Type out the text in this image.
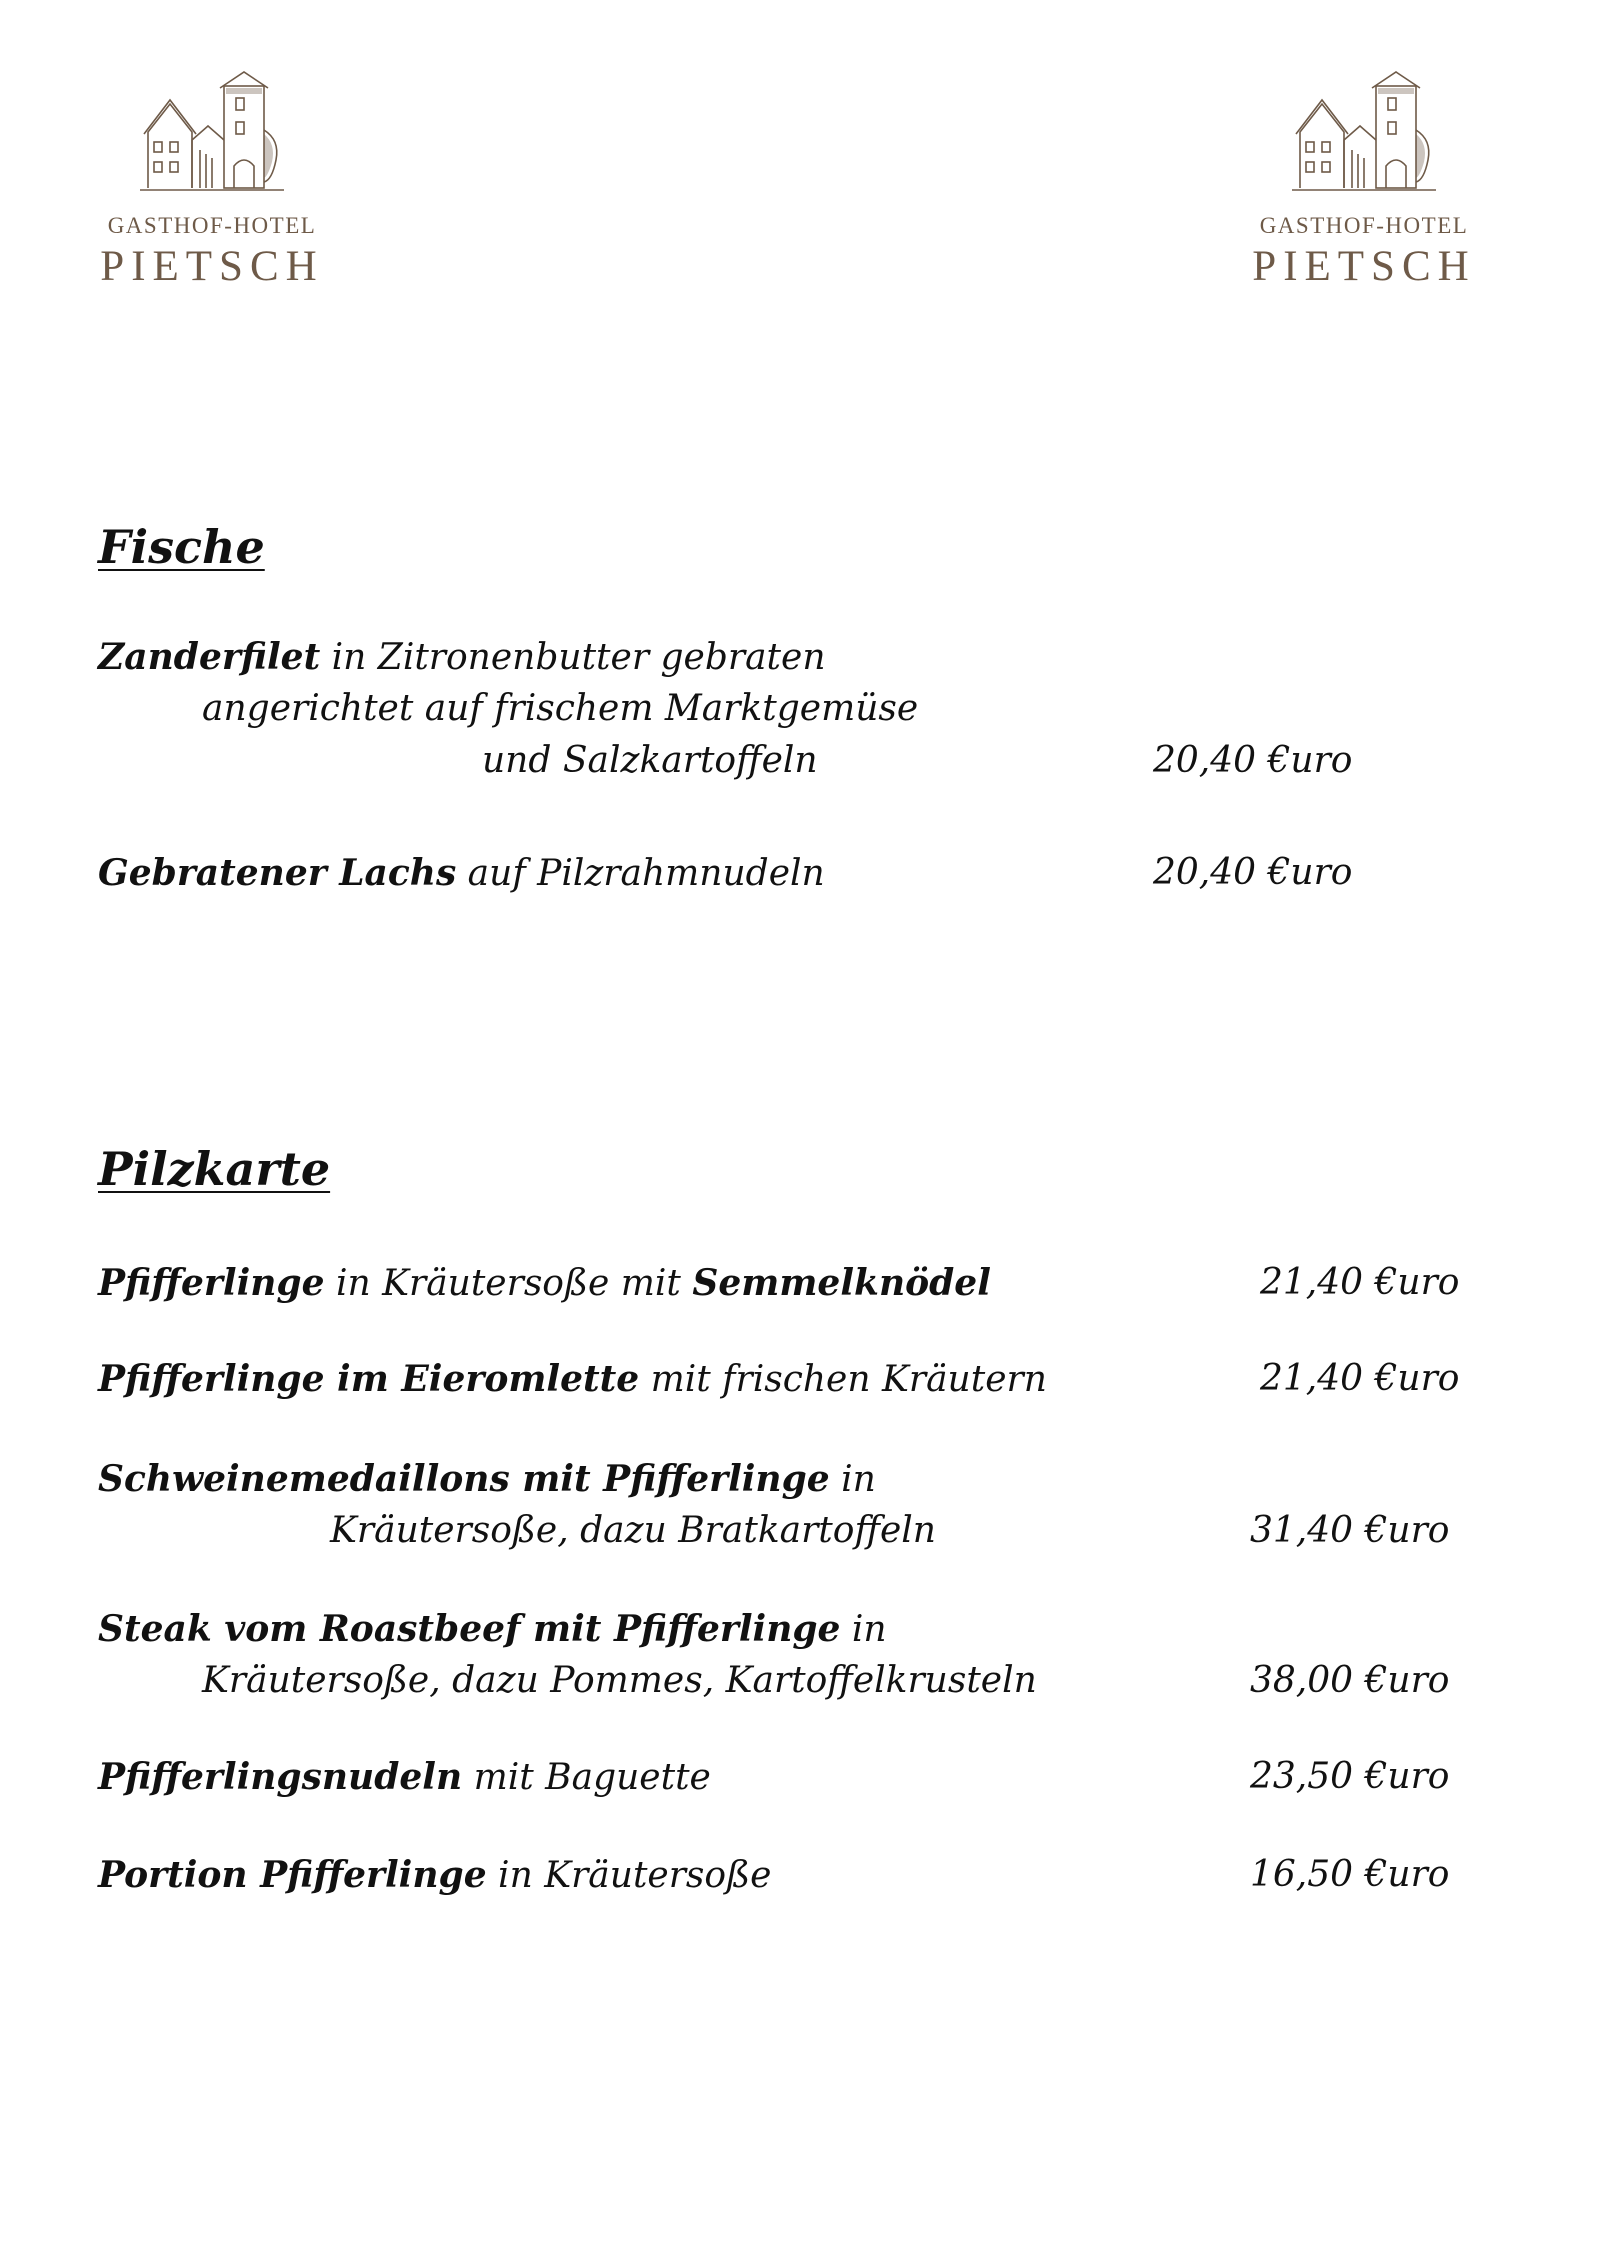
GASTHOF-HOTEL
PIETSCH
GASTHOF-HOTEL
PIETSCH
Fische
Zanderfilet in Zitronenbutter gebraten
angerichtet auf frischem Marktgemüse
und Salzkartoffeln	20,40 €uro
Gebratener Lachs auf Pilzrahmnudeln	20,40 €uro
Pilzkarte
Pfifferlinge in Kräutersoße mit Semmelknödel	21,40 €uro
Pfifferlinge im Eieromlette mit frischen Kräutern	21,40 €uro
Schweinemedaillons mit Pfifferlinge in
Kräutersoße, dazu Bratkartoffeln	31,40 €uro
Steak vom Roastbeef mit Pfifferlinge in
Kräutersoße, dazu Pommes, Kartoffelkrusteln	38,00 €uro
Pfifferlingsnudeln mit Baguette	23,50 €uro
Portion Pfifferlinge in Kräutersoße	16,50 €uro
